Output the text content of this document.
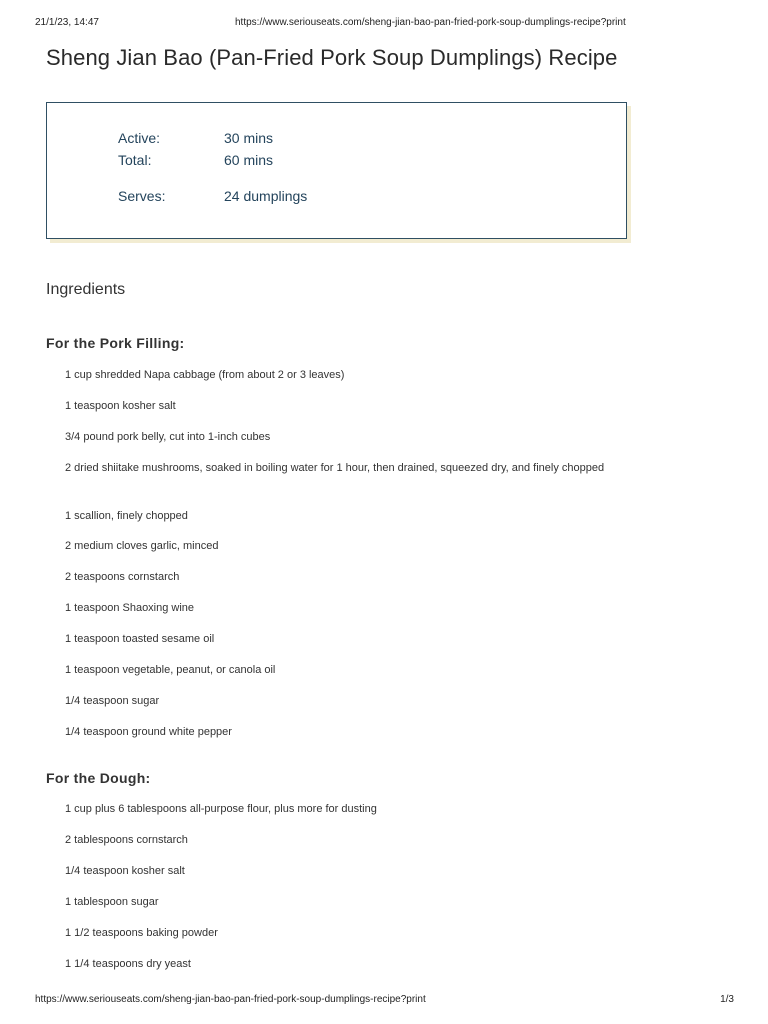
21/1/23, 14:47	https://www.seriouseats.com/sheng-jian-bao-pan-fried-pork-soup-dumplings-recipe?print
Sheng Jian Bao (Pan-Fried Pork Soup Dumplings) Recipe
Active:	30 mins
Total:	60 mins
Serves:	24 dumplings
Ingredients
For the Pork Filling:
1 cup shredded Napa cabbage (from about 2 or 3 leaves)
1 teaspoon kosher salt
3/4 pound pork belly, cut into 1-inch cubes
2 dried shiitake mushrooms, soaked in boiling water for 1 hour, then drained, squeezed dry, and finely chopped
1 scallion, finely chopped
2 medium cloves garlic, minced
2 teaspoons cornstarch
1 teaspoon Shaoxing wine
1 teaspoon toasted sesame oil
1 teaspoon vegetable, peanut, or canola oil
1/4 teaspoon sugar
1/4 teaspoon ground white pepper
For the Dough:
1 cup plus 6 tablespoons all-purpose flour, plus more for dusting
2 tablespoons cornstarch
1/4 teaspoon kosher salt
1 tablespoon sugar
1 1/2 teaspoons baking powder
1 1/4 teaspoons dry yeast
https://www.seriouseats.com/sheng-jian-bao-pan-fried-pork-soup-dumplings-recipe?print	1/3
